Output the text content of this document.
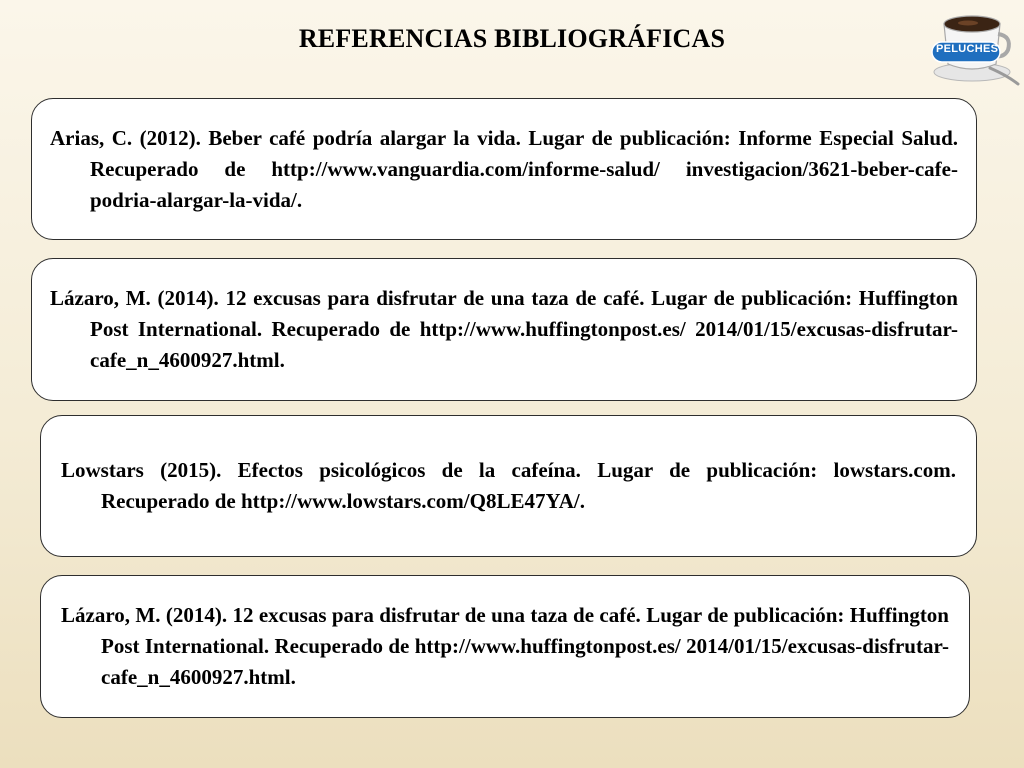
REFERENCIAS BIBLIOGRÁFICAS	PELUCHES

Arias, C. (2012). Beber café podría alargar la vida. Lugar de publicación: Informe Especial Salud. Recuperado de http://www.vanguardia.com/informe-salud/ investigacion/3621-beber-cafe-podria-alargar-la-vida/.

Lázaro, M. (2014). 12 excusas para disfrutar de una taza de café. Lugar de publicación: Huffington Post International. Recuperado de http://www.huffingtonpost.es/ 2014/01/15/excusas-disfrutar-cafe_n_4600927.html.

Lowstars (2015). Efectos psicológicos de la cafeína. Lugar de publicación: lowstars.com. Recuperado de http://www.lowstars.com/Q8LE47YA/.

Lázaro, M. (2014). 12 excusas para disfrutar de una taza de café. Lugar de publicación: Huffington Post International. Recuperado de http://www.huffingtonpost.es/ 2014/01/15/excusas-disfrutar-cafe_n_4600927.html.
